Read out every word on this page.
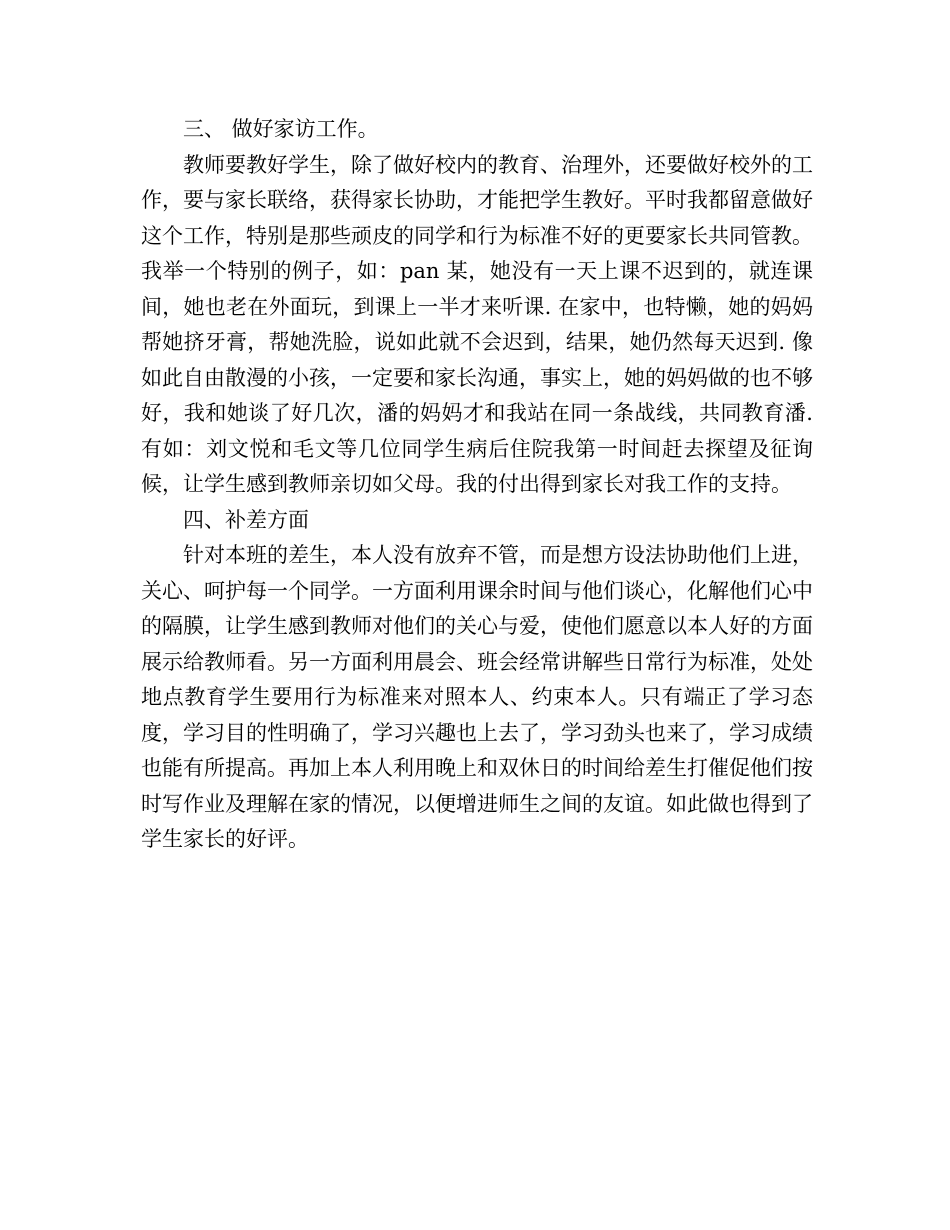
三、 做好家访工作。

教师要教好学生，除了做好校内的教育、治理外，还要做好校外的工作，要与家长联络，获得家长协助，才能把学生教好。平时我都留意做好这个工作，特别是那些顽皮的同学和行为标准不好的更要家长共同管教。我举一个特别的例子，如：pan 某，她没有一天上课不迟到的，就连课间，她也老在外面玩，到课上一半才来听课. 在家中，也特懒，她的妈妈帮她挤牙膏，帮她洗脸，说如此就不会迟到，结果，她仍然每天迟到. 像如此自由散漫的小孩，一定要和家长沟通，事实上，她的妈妈做的也不够好，我和她谈了好几次，潘的妈妈才和我站在同一条战线，共同教育潘. 有如：刘文悦和毛文等几位同学生病后住院我第一时间赶去探望及征询候，让学生感到教师亲切如父母。我的付出得到家长对我工作的支持。

四、补差方面

针对本班的差生，本人没有放弃不管，而是想方设法协助他们上进，关心、呵护每一个同学。一方面利用课余时间与他们谈心，化解他们心中的隔膜，让学生感到教师对他们的关心与爱，使他们愿意以本人好的方面展示给教师看。另一方面利用晨会、班会经常讲解些日常行为标准，处处地点教育学生要用行为标准来对照本人、约束本人。只有端正了学习态度，学习目的性明确了，学习兴趣也上去了，学习劲头也来了，学习成绩也能有所提高。再加上本人利用晚上和双休日的时间给差生打催促他们按时写作业及理解在家的情况，以便增进师生之间的友谊。如此做也得到了学生家长的好评。
